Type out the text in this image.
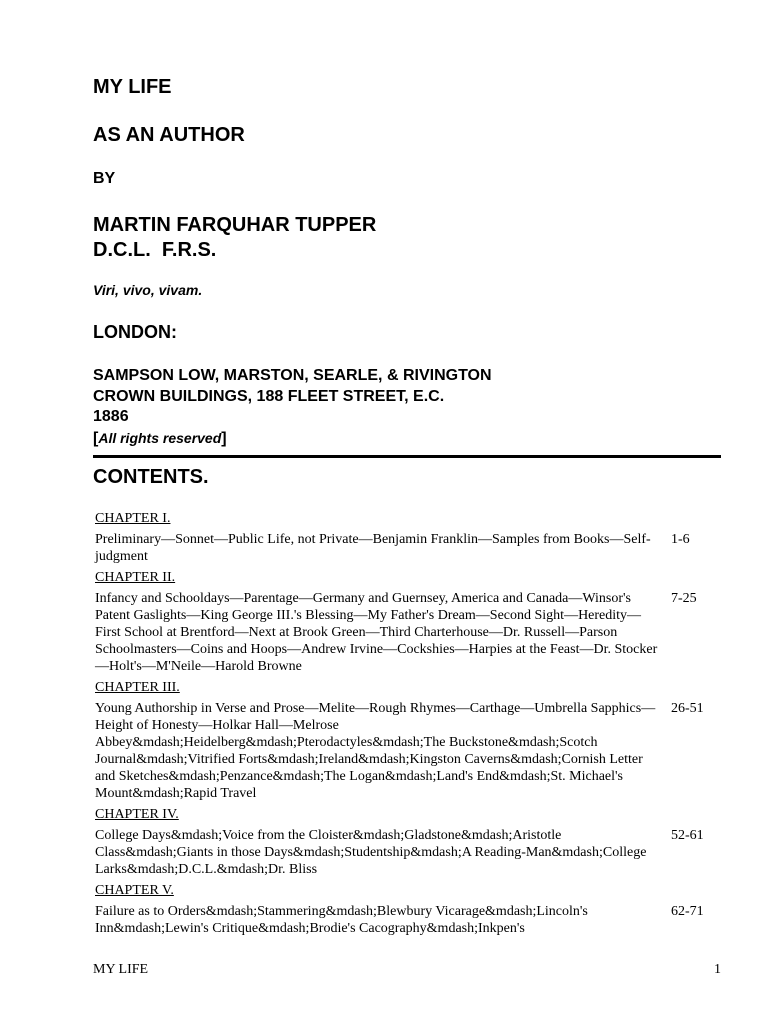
MY LIFE
AS AN AUTHOR
BY
MARTIN FARQUHAR TUPPER
D.C.L.  F.R.S.
Viri, vivo, vivam.
LONDON:
SAMPSON LOW, MARSTON, SEARLE, & RIVINGTON
CROWN BUILDINGS, 188 FLEET STREET, E.C.
1886
[All rights reserved]
CONTENTS.
CHAPTER I.
Preliminary—Sonnet—Public Life, not Private—Benjamin Franklin—Samples from Books—Self-judgment
1-6
CHAPTER II.
Infancy and Schooldays—Parentage—Germany and Guernsey, America and Canada—Winsor's Patent Gaslights—King George III.'s Blessing—My Father's Dream—Second Sight—Heredity—First School at Brentford—Next at Brook Green—Third Charterhouse—Dr. Russell—Parson Schoolmasters—Coins and Hoops—Andrew Irvine—Cockshies—Harpies at the Feast—Dr. Stocker—Holt's—M'Neile—Harold Browne
7-25
CHAPTER III.
Young Authorship in Verse and Prose—Melite—Rough Rhymes—Carthage—Umbrella Sapphics—Height of Honesty—Holkar Hall—Melrose Abbey&mdash;Heidelberg&mdash;Pterodactyles&mdash;The Buckstone&mdash;Scotch Journal&mdash;Vitrified Forts&mdash;Ireland&mdash;Kingston Caverns&mdash;Cornish Letter and Sketches&mdash;Penzance&mdash;The Logan&mdash;Land's End&mdash;St. Michael's Mount&mdash;Rapid Travel
26-51
CHAPTER IV.
College Days&mdash;Voice from the Cloister&mdash;Gladstone&mdash;Aristotle Class&mdash;Giants in those Days&mdash;Studentship&mdash;A Reading-Man&mdash;College Larks&mdash;D.C.L.&mdash;Dr. Bliss
52-61
CHAPTER V.
Failure as to Orders&mdash;Stammering&mdash;Blewbury Vicarage&mdash;Lincoln's Inn&mdash;Lewin's Critique&mdash;Brodie's Cacography&mdash;Inkpen's
62-71
MY LIFE	1
